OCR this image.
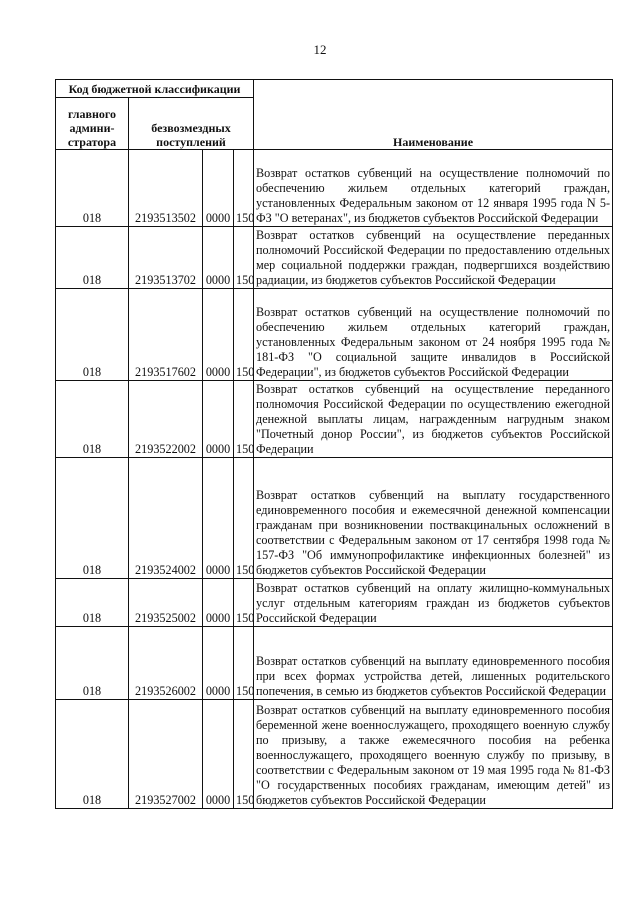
12
Код бюджетной классификации				Наименование
главного админи-стратора	безвозмездных поступлений			
018	2193513502	0000	150	Возврат остатков субвенций на осуществление полномочий по обеспечению жильем отдельных категорий граждан, установленных Федеральным законом от 12 января 1995 года N 5-ФЗ "О ветеранах", из бюджетов субъектов Российской Федерации
018	2193513702	0000	150	Возврат остатков субвенций на осуществление переданных полномочий Российской Федерации по предоставлению отдельных мер социальной поддержки граждан, подвергшихся воздействию радиации, из бюджетов субъектов Российской Федерации
018	2193517602	0000	150	Возврат остатков субвенций на осуществление полномочий по обеспечению жильем отдельных категорий граждан, установленных Федеральным законом от 24 ноября 1995 года № 181-ФЗ "О социальной защите инвалидов в Российской Федерации", из бюджетов субъектов Российской Федерации
018	2193522002	0000	150	Возврат остатков субвенций на осуществление переданного полномочия Российской Федерации по осуществлению ежегодной денежной выплаты лицам, награжденным нагрудным знаком "Почетный донор России", из бюджетов субъектов Российской Федерации
018	2193524002	0000	150	Возврат остатков субвенций на выплату государственного единовременного пособия и ежемесячной денежной компенсации гражданам при возникновении поствакцинальных осложнений в соответствии с Федеральным законом от 17 сентября 1998 года № 157-ФЗ "Об иммунопрофилактике инфекционных болезней" из бюджетов субъектов Российской Федерации
018	2193525002	0000	150	Возврат остатков субвенций на оплату жилищно-коммунальных услуг отдельным категориям граждан из бюджетов субъектов Российской Федерации
018	2193526002	0000	150	Возврат остатков субвенций на выплату единовременного пособия при всех формах устройства детей, лишенных родительского попечения, в семью из бюджетов субъектов Российской Федерации
018	2193527002	0000	150	Возврат остатков субвенций на выплату единовременного пособия беременной жене военнослужащего, проходящего военную службу по призыву, а также ежемесячного пособия на ребенка военнослужащего, проходящего военную службу по призыву, в соответствии с Федеральным законом от 19 мая 1995 года № 81-ФЗ "О государственных пособиях гражданам, имеющим детей" из бюджетов субъектов Российской Федерации
